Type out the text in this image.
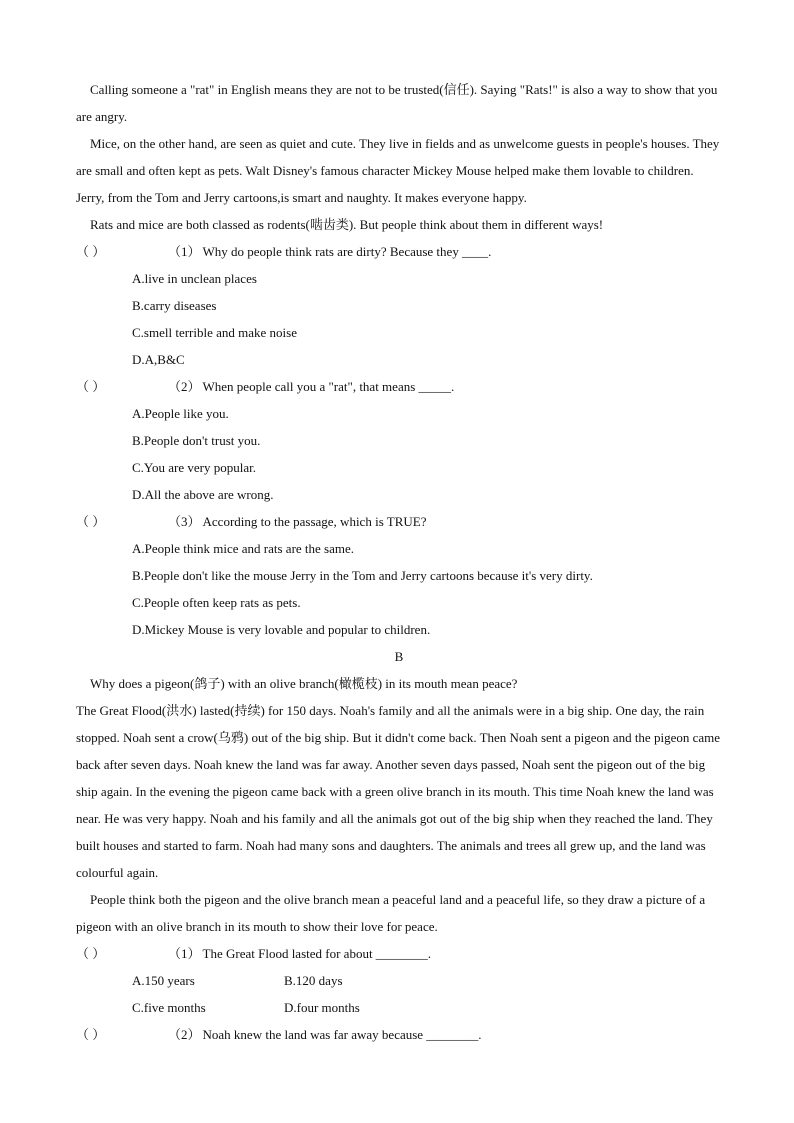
Calling someone a "rat" in English means they are not to be trusted(信任). Saying "Rats!" is also a way to show that you are angry.

Mice, on the other hand, are seen as quiet and cute. They live in fields and as unwelcome guests in people's houses. They are small and often kept as pets. Walt Disney's famous character Mickey Mouse helped make them lovable to children. Jerry, from the Tom and Jerry cartoons,is smart and naughty. It makes everyone happy.

Rats and mice are both classed as rodents(啮齿类). But people think about them in different ways!

（ ）	（1） Why do people think rats are dirty? Because they ____.
A.live in unclean places
B.carry diseases
C.smell terrible and make noise
D.A,B&C
（ ）	（2） When people call you a "rat", that means _____.
A.People like you.
B.People don't trust you.
C.You are very popular.
D.All the above are wrong.
（ ）	（3） According to the passage, which is TRUE?
A.People think mice and rats are the same.
B.People don't like the mouse Jerry in the Tom and Jerry cartoons because it's very dirty.
C.People often keep rats as pets.
D.Mickey Mouse is very lovable and popular to children.
B

Why does a pigeon(鸽子) with an olive branch(橄榄枝) in its mouth mean peace?

The Great Flood(洪水) lasted(持续) for 150 days. Noah's family and all the animals were in a big ship. One day, the rain stopped. Noah sent a crow(乌鸦) out of the big ship. But it didn't come back. Then Noah sent a pigeon and the pigeon came back after seven days. Noah knew the land was far away. Another seven days passed, Noah sent the pigeon out of the big ship again. In the evening the pigeon came back with a green olive branch in its mouth. This time Noah knew the land was near. He was very happy. Noah and his family and all the animals got out of the big ship when they reached the land. They built houses and started to farm. Noah had many sons and daughters. The animals and trees all grew up, and the land was colourful again.

People think both the pigeon and the olive branch mean a peaceful land and a peaceful life, so they draw a picture of a pigeon with an olive branch in its mouth to show their love for peace.

（ ）	（1） The Great Flood lasted for about ________.
A.150 years	B.120 days
C.five months	D.four months
（ ）	（2） Noah knew the land was far away because ________.
